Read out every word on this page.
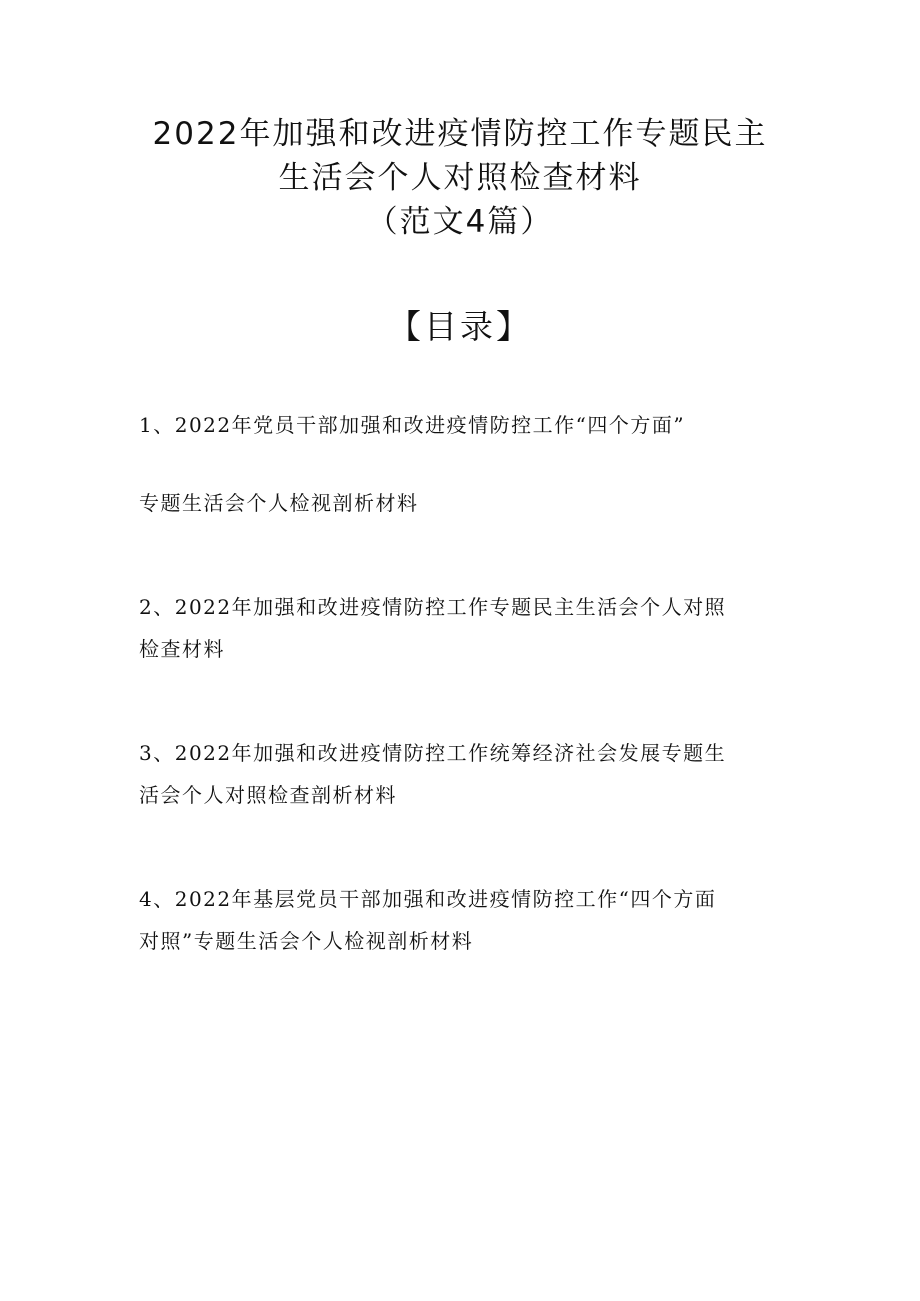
2022年加强和改进疫情防控工作专题民主
生活会个人对照检查材料
（范文4篇）
【目录】
1、2022年党员干部加强和改进疫情防控工作“四个方面”
专题生活会个人检视剖析材料
2、2022年加强和改进疫情防控工作专题民主生活会个人对照
检查材料
3、2022年加强和改进疫情防控工作统筹经济社会发展专题生
活会个人对照检查剖析材料
4、2022年基层党员干部加强和改进疫情防控工作“四个方面
对照”专题生活会个人检视剖析材料
